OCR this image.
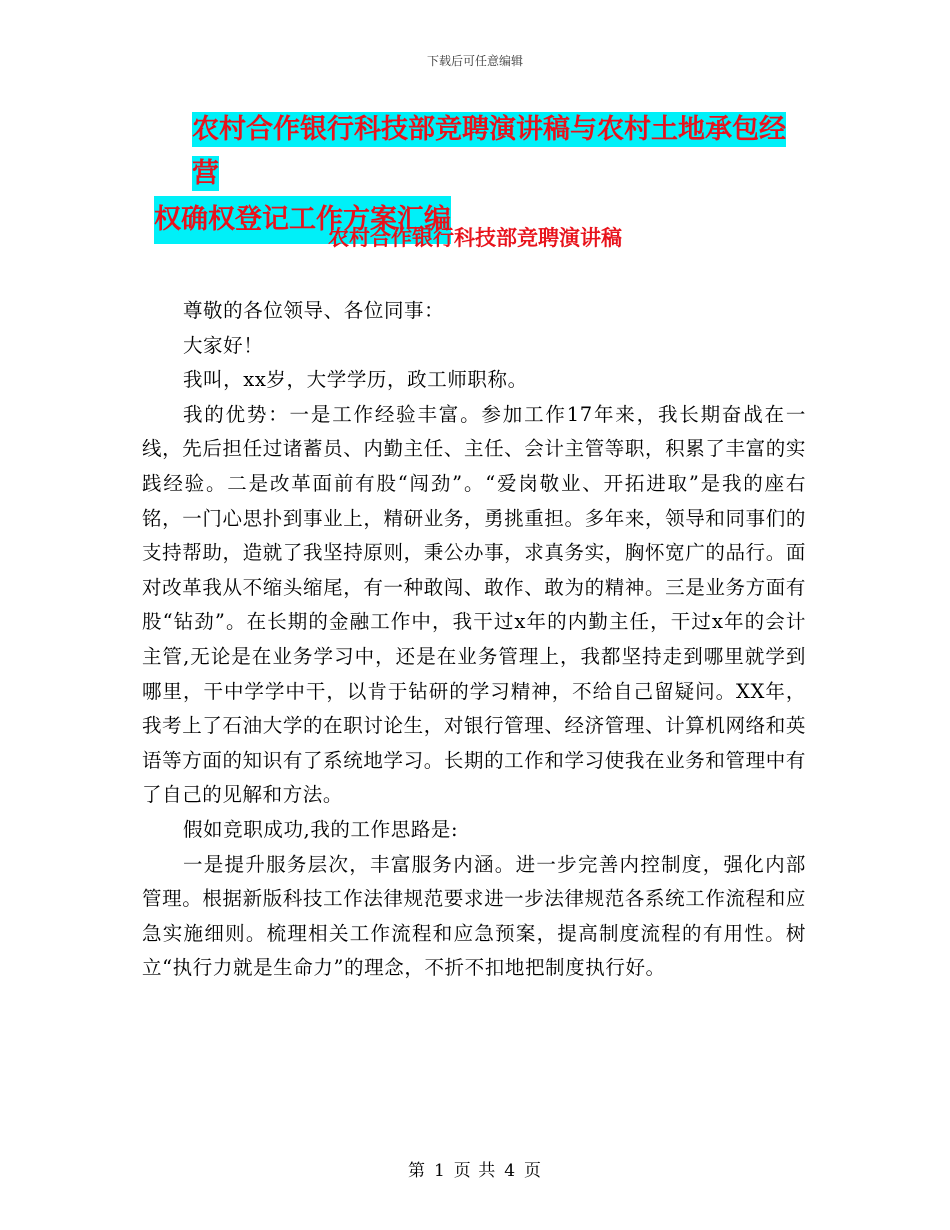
下载后可任意编辑
农村合作银行科技部竞聘演讲稿与农村土地承包经营
权确权登记工作方案汇编
农村合作银行科技部竞聘演讲稿

尊敬的各位领导、各位同事：

大家好！

我叫，xx岁，大学学历，政工师职称。

我的优势：一是工作经验丰富。参加工作17年来，我长期奋战在一线，先后担任过诸蓄员、内勤主任、主任、会计主管等职，积累了丰富的实践经验。二是改革面前有股“闯劲”。“爱岗敬业、开拓进取”是我的座右铭，一门心思扑到事业上，精研业务，勇挑重担。多年来，领导和同事们的支持帮助，造就了我坚持原则，秉公办事，求真务实，胸怀宽广的品行。面对改革我从不缩头缩尾，有一种敢闯、敢作、敢为的精神。三是业务方面有股“钻劲”。在长期的金融工作中，我干过x年的内勤主任，干过x年的会计主管,无论是在业务学习中，还是在业务管理上，我都坚持走到哪里就学到哪里，干中学学中干，以肯于钻研的学习精神，不给自己留疑问。XX年，我考上了石油大学的在职讨论生，对银行管理、经济管理、计算机网络和英语等方面的知识有了系统地学习。长期的工作和学习使我在业务和管理中有了自己的见解和方法。

假如竞职成功,我的工作思路是:

一是提升服务层次，丰富服务内涵。进一步完善内控制度，强化内部管理。根据新版科技工作法律规范要求进一步法律规范各系统工作流程和应急实施细则。梳理相关工作流程和应急预案，提高制度流程的有用性。树立“执行力就是生命力”的理念，不折不扣地把制度执行好。

第 1 页 共 4 页
